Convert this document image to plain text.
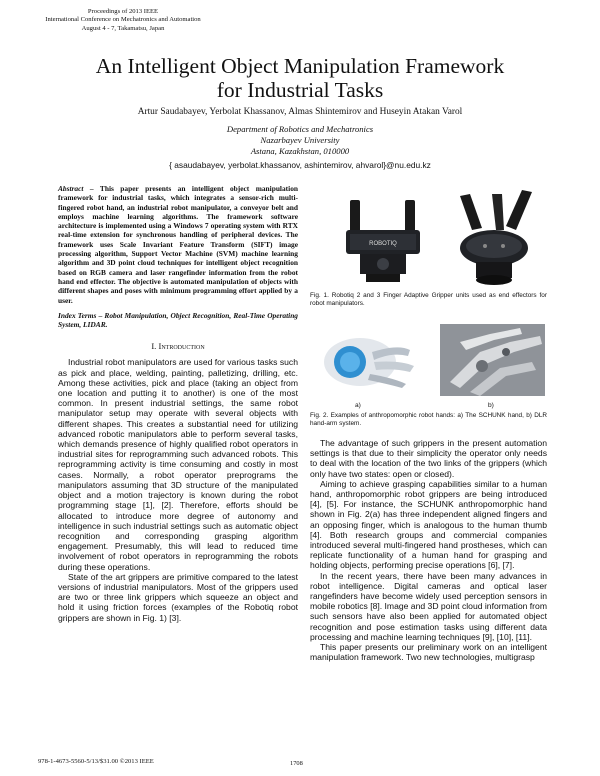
Proceedings of 2013 IEEE
International Conference on Mechatronics and Automation
August 4 - 7, Takamatsu, Japan
An Intelligent Object Manipulation Framework
for Industrial Tasks
Artur Saudabayev, Yerbolat Khassanov, Almas Shintemirov and Huseyin Atakan Varol
Department of Robotics and Mechatronics
Nazarbayev University
Astana, Kazakhstan, 010000
{ asaudabayev, yerbolat.khassanov, ashintemirov, ahvarol}@nu.edu.kz

Abstract – This paper presents an intelligent object manipulation framework for industrial tasks, which integrates a sensor-rich multi-fingered robot hand, an industrial robot manipulator, a conveyor belt and employs machine learning algorithms. The framework software architecture is implemented using a Windows 7 operating system with RTX real-time extension for synchronous handling of peripheral devices. The framework uses Scale Invariant Feature Transform (SIFT) image processing algorithm, Support Vector Machine (SVM) machine learning algorithm and 3D point cloud techniques for intelligent object recognition based on RGB camera and laser rangefinder information from the robot hand end effector. The objective is automated manipulation of objects with different shapes and poses with minimum programming effort applied by a user.

Index Terms – Robot Manipulation, Object Recognition, Real-Time Operating System, LIDAR.

I. Introduction

Industrial robot manipulators are used for various tasks such as pick and place, welding, painting, palletizing, drilling, etc. Among these activities, pick and place (taking an object from one location and putting it to another) is one of the most common. In present industrial settings, the same robot manipulator setup may operate with several objects with different shapes. This creates a substantial need for utilizing advanced robotic manipulators able to perform several tasks, which demands presence of highly qualified robot operators in industrial sites for reprogramming such advanced robots. This reprogramming activity is time consuming and costly in most cases. Normally, a robot operator preprograms the manipulators assuming that 3D structure of the manipulated object and a motion trajectory is known during the robot programming stage [1], [2]. Therefore, efforts should be allocated to introduce more degree of autonomy and intelligence in such industrial settings such as automatic object recognition and corresponding grasping algorithm engagement. Presumably, this will lead to reduced time involvement of robot operators in reprogramming the robots during these operations.

State of the art grippers are primitive compared to the latest versions of industrial manipulators. Most of the grippers used are two or three link grippers which squeeze an object and hold it using friction forces (examples of the Robotiq robot grippers are shown in Fig. 1) [3].

ROBOTIQ

Fig. 1. Robotiq 2 and 3 Finger Adaptive Gripper units used as end effectors for robot manipulators.

a)	b)

Fig. 2. Examples of anthropomorphic robot hands: a) The SCHUNK hand, b) DLR hand-arm system.

The advantage of such grippers in the present automation settings is that due to their simplicity the operator only needs to deal with the location of the two links of the grippers (which only have two states: open or closed).

Aiming to achieve grasping capabilities similar to a human hand, anthropomorphic robot grippers are being introduced [4], [5]. For instance, the SCHUNK anthropomorphic hand shown in Fig. 2(a) has three independent aligned fingers and an opposing finger, which is analogous to the human thumb [4]. Both research groups and commercial companies introduced several multi-fingered hand prostheses, which can replicate functionality of a human hand for grasping and holding objects, performing precise operations [6], [7].

In the recent years, there have been many advances in robot intelligence. Digital cameras and optical laser rangefinders have become widely used perception sensors in mobile robotics [8]. Image and 3D point cloud information from such sensors have also been applied for automated object recognition and pose estimation tasks using different data processing and machine learning techniques [9], [10], [11].

This paper presents our preliminary work on an intelligent manipulation framework. Two new technologies, multigrasp

978-1-4673-5560-5/13/$31.00 ©2013 IEEE	1708
